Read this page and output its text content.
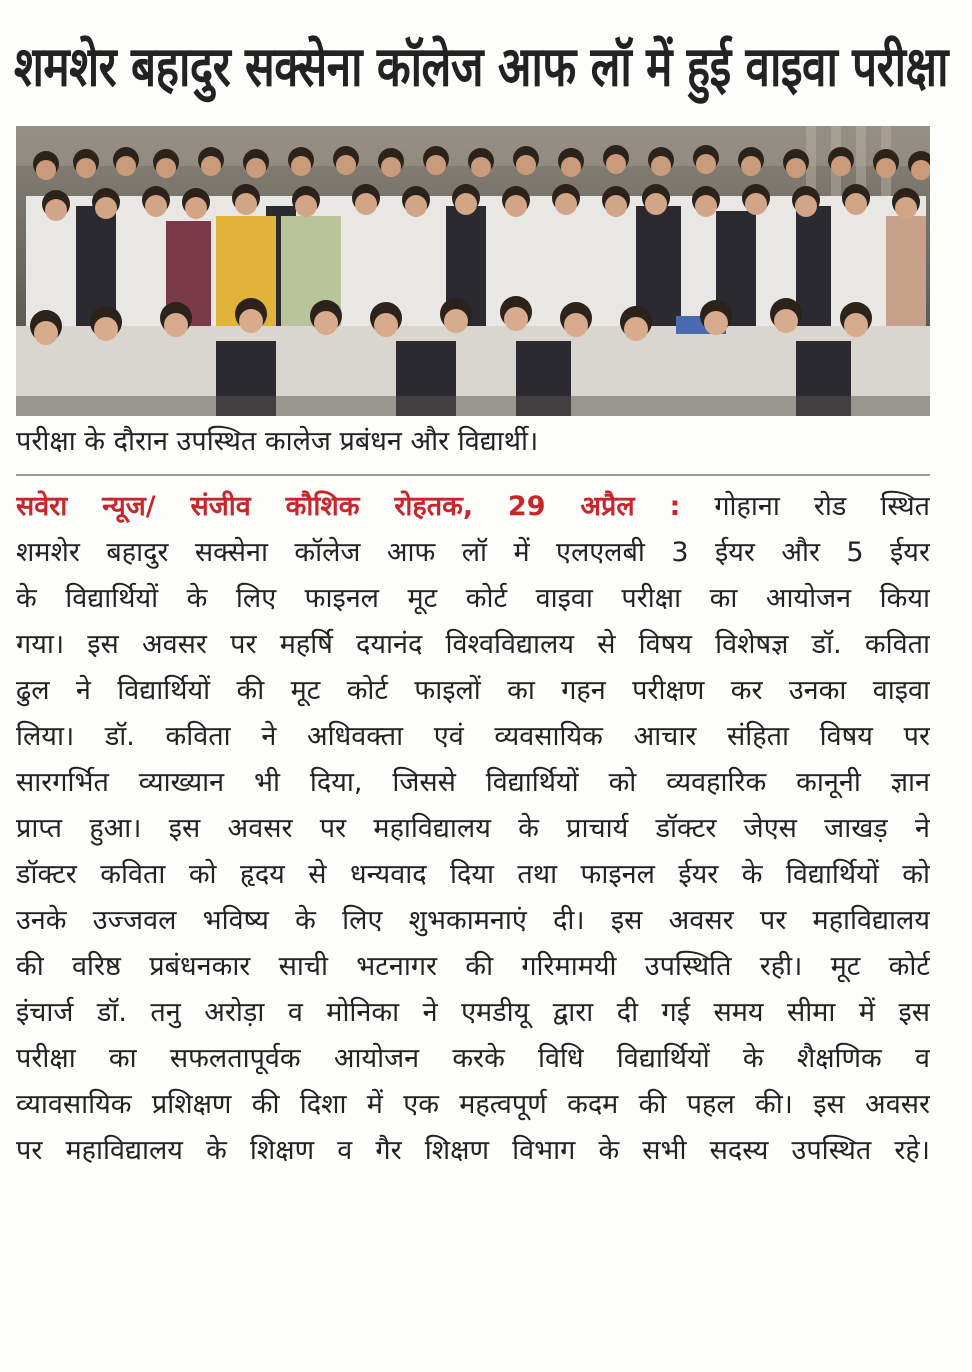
शमशेर बहादुर सक्सेना कॉलेज आफ लॉ में हुई वाइवा परीक्षा
परीक्षा के दौरान उपस्थित कालेज प्रबंधन और विद्यार्थी।
सवेरा न्यूज/ संजीव कौशिक रोहतक, 29 अप्रैल : गोहाना रोड स्थित
शमशेर बहादुर सक्सेना कॉलेज आफ लॉ में एलएलबी 3 ईयर और 5 ईयर
के विद्यार्थियों के लिए फाइनल मूट कोर्ट वाइवा परीक्षा का आयोजन किया
गया। इस अवसर पर महर्षि दयानंद विश्वविद्यालय से विषय विशेषज्ञ डॉ. कविता
ढुल ने विद्यार्थियों की मूट कोर्ट फाइलों का गहन परीक्षण कर उनका वाइवा
लिया। डॉ. कविता ने अधिवक्ता एवं व्यवसायिक आचार संहिता विषय पर
सारगर्भित व्याख्यान भी दिया, जिससे विद्यार्थियों को व्यवहारिक कानूनी ज्ञान
प्राप्त हुआ। इस अवसर पर महाविद्यालय के प्राचार्य डॉक्टर जेएस जाखड़ ने
डॉक्टर कविता को हृदय से धन्यवाद दिया तथा फाइनल ईयर के विद्यार्थियों को
उनके उज्जवल भविष्य के लिए शुभकामनाएं दी। इस अवसर पर महाविद्यालय
की वरिष्ठ प्रबंधनकार साची भटनागर की गरिमामयी उपस्थिति रही। मूट कोर्ट
इंचार्ज डॉ. तनु अरोड़ा व मोनिका ने एमडीयू द्वारा दी गई समय सीमा में इस
परीक्षा का सफलतापूर्वक आयोजन करके विधि विद्यार्थियों के शैक्षणिक व
व्यावसायिक प्रशिक्षण की दिशा में एक महत्वपूर्ण कदम की पहल की। इस अवसर
पर महाविद्यालय के शिक्षण व गैर शिक्षण विभाग के सभी सदस्य उपस्थित रहे।
